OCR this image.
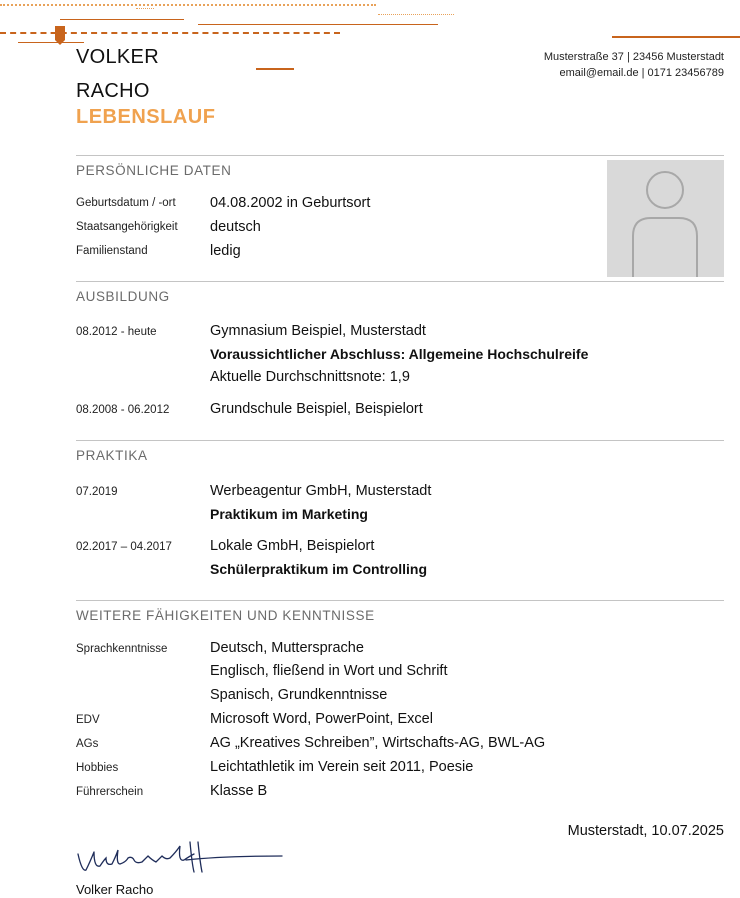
VOLKER
RACHO
LEBENSLAUF
Musterstraße 37 | 23456 Musterstadt
email@email.de | 0171 23456789
PERSÖNLICHE DATEN
Geburtsdatum / -ort 04.08.2002 in Geburtsort
Staatsangehörigkeit deutsch
Familienstand	ledig
AUSBILDUNG
08.2012 - heute	Gymnasium Beispiel, Musterstadt
Voraussichtlicher Abschluss: Allgemeine Hochschulreife
Aktuelle Durchschnittsnote: 1,9
08.2008 - 06.2012	Grundschule Beispiel, Beispielort
PRAKTIKA
07.2019	Werbeagentur GmbH, Musterstadt
Praktikum im Marketing
02.2017 – 04.2017	Lokale GmbH, Beispielort
Schülerpraktikum im Controlling
WEITERE FÄHIGKEITEN UND KENNTNISSE
Sprachkenntnisse	Deutsch, Muttersprache
Englisch, fließend in Wort und Schrift
Spanisch, Grundkenntnisse
EDV	Microsoft Word, PowerPoint, Excel
AGs	AG „Kreatives Schreiben”, Wirtschafts-AG, BWL-AG
Hobbies	Leichtathletik im Verein seit 2011, Poesie
Führerschein	Klasse B
Musterstadt, 10.07.2025
Volker Racho
